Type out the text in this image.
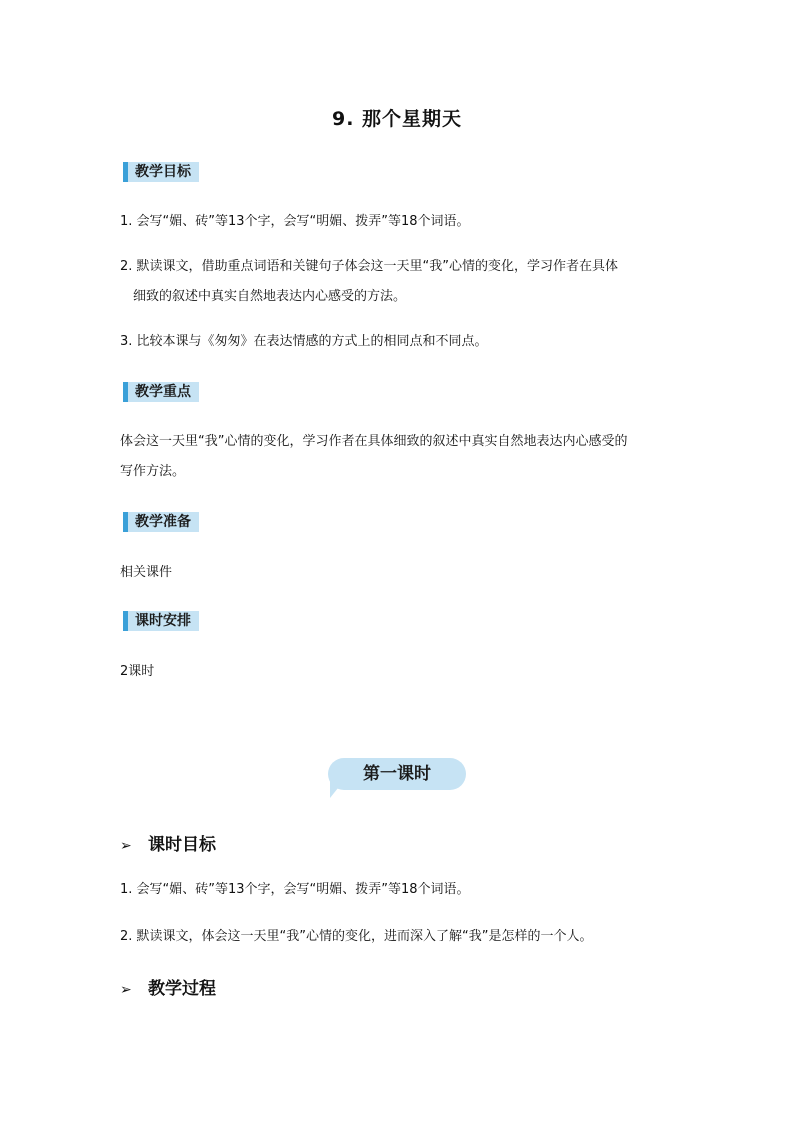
9. 那个星期天
教学目标
1. 会写“媚、砖”等13个字，会写“明媚、拨弄”等18个词语。
2. 默读课文，借助重点词语和关键句子体会这一天里“我”心情的变化，学习作者在具体
细致的叙述中真实自然地表达内心感受的方法。
3. 比较本课与《匆匆》在表达情感的方式上的相同点和不同点。
教学重点
体会这一天里“我”心情的变化，学习作者在具体细致的叙述中真实自然地表达内心感受的
写作方法。
教学准备
相关课件
课时安排
2课时
第一课时
➢ 课时目标
1. 会写“媚、砖”等13个字，会写“明媚、拨弄”等18个词语。
2. 默读课文，体会这一天里“我”心情的变化，进而深入了解“我”是怎样的一个人。
➢ 教学过程
